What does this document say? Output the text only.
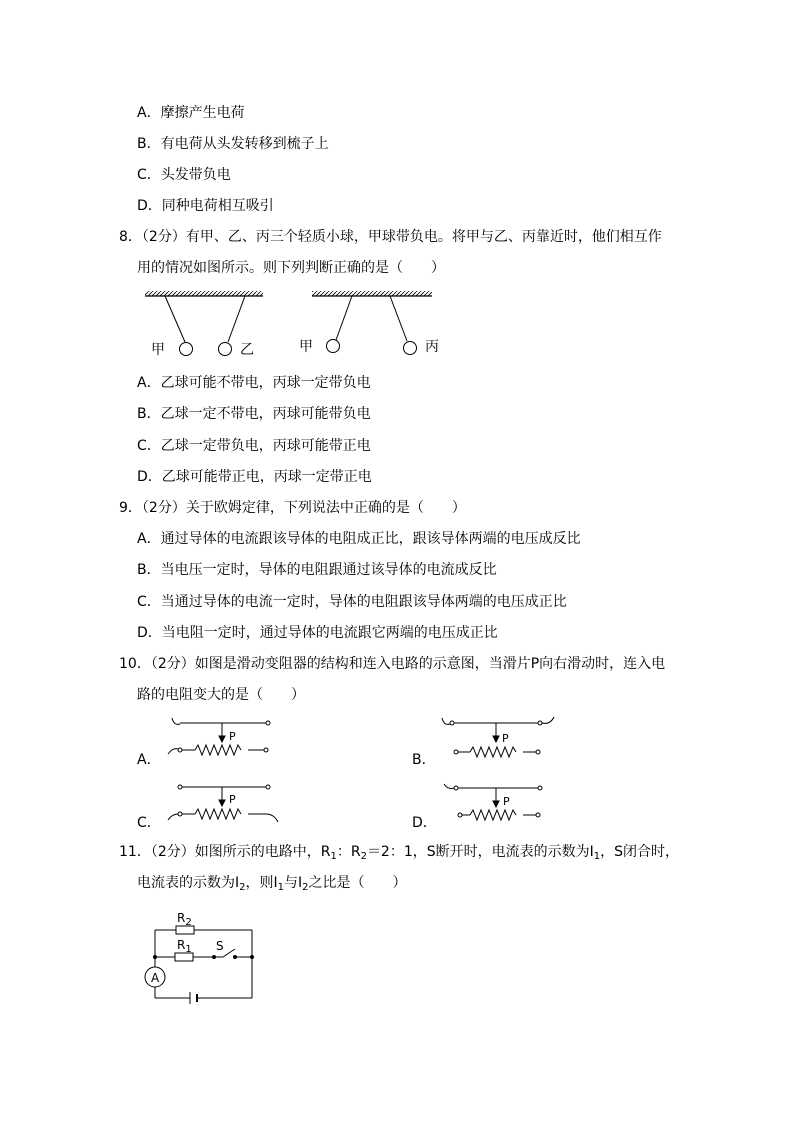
A．摩擦产生电荷
B．有电荷从头发转移到梳子上
C．头发带负电
D．同种电荷相互吸引
8．（2分）有甲、乙、丙三个轻质小球，甲球带负电。将甲与乙、丙靠近时，他们相互作
用的情况如图所示。则下列判断正确的是（　　）
甲	乙	甲	丙
A．乙球可能不带电，丙球一定带负电
B．乙球一定不带电，丙球可能带负电
C．乙球一定带负电，丙球可能带正电
D．乙球可能带正电，丙球一定带正电
9．（2分）关于欧姆定律，下列说法中正确的是（　　）
A．通过导体的电流跟该导体的电阻成正比，跟该导体两端的电压成反比
B．当电压一定时，导体的电阻跟通过该导体的电流成反比
C．当通过导体的电流一定时，导体的电阻跟该导体两端的电压成正比
D．当电阻一定时，通过导体的电流跟它两端的电压成正比
10．（2分）如图是滑动变阻器的结构和连入电路的示意图，当滑片P向右滑动时，连入电
路的电阻变大的是（　　）
P	P
P	P
A．	B．
C．	D．
11．（2分）如图所示的电路中，$R_1$：$R_2=2$：1，S断开时，电流表的示数为$I_1$，S闭合时，
电流表的示数为$I_2$，则$I_1$与$I_2$之比是（　　）
$R_2$
$R_1$ S
A
